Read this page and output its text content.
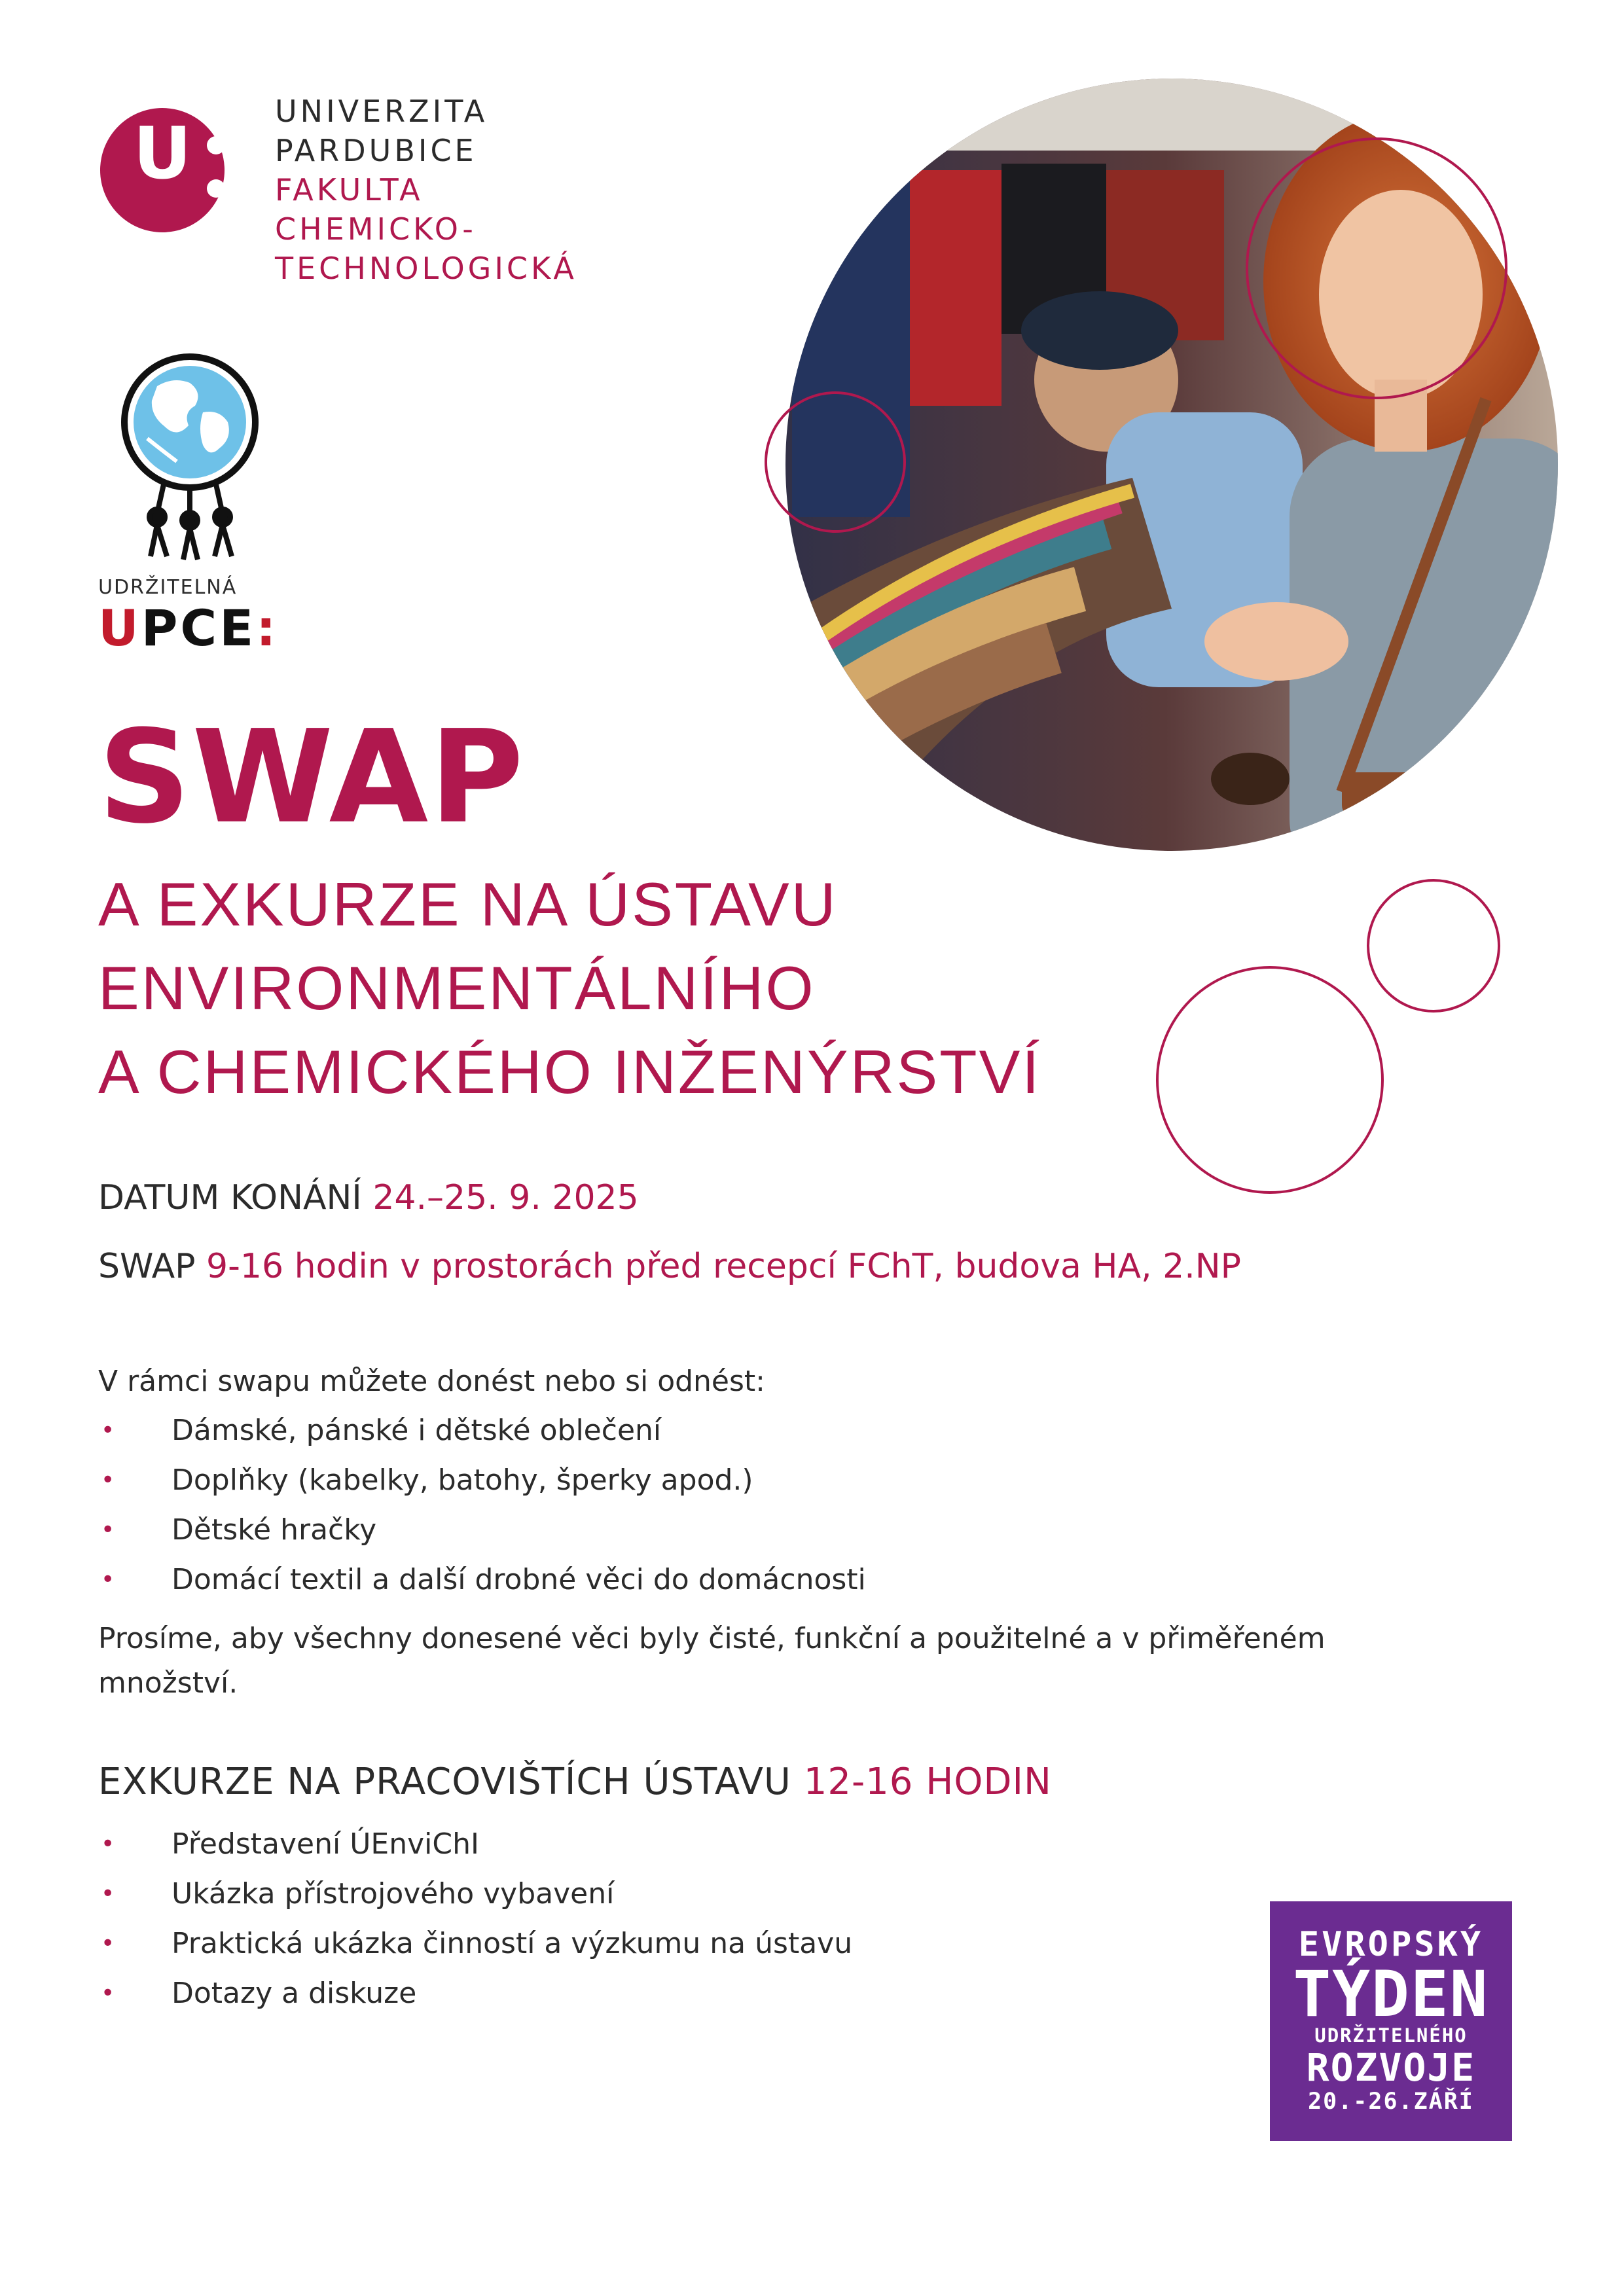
U	UNIVERZITA
PARDUBICE
FAKULTA
CHEMICKO-
TECHNOLOGICKÁ
UDRŽITELNÁ
UPCE:
SWAP
A EXKURZE NA ÚSTAVU
ENVIRONMENTÁLNÍHO
A CHEMICKÉHO INŽENÝRSTVÍ
DATUM KONÁNÍ 24.–25. 9. 2025
SWAP 9-16 hodin v prostorách před recepcí FChT, budova HA, 2.NP
V rámci swapu můžete donést nebo si odnést:
• Dámské, pánské i dětské oblečení
• Doplňky (kabelky, batohy, šperky apod.)
• Dětské hračky
• Domácí textil a další drobné věci do domácnosti
Prosíme, aby všechny donesené věci byly čisté, funkční a použitelné a v přiměřeném
množství.
EXKURZE NA PRACOVIŠTÍCH ÚSTAVU 12-16 HODIN
• Představení ÚEnviChI
• Ukázka přístrojového vybavení
• Praktická ukázka činností a výzkumu na ústavu
• Dotazy a diskuze
EVROPSKÝ
TÝDEN
UDRŽITELNÉHO
ROZVOJE
20.-26.ZÁŘÍ
